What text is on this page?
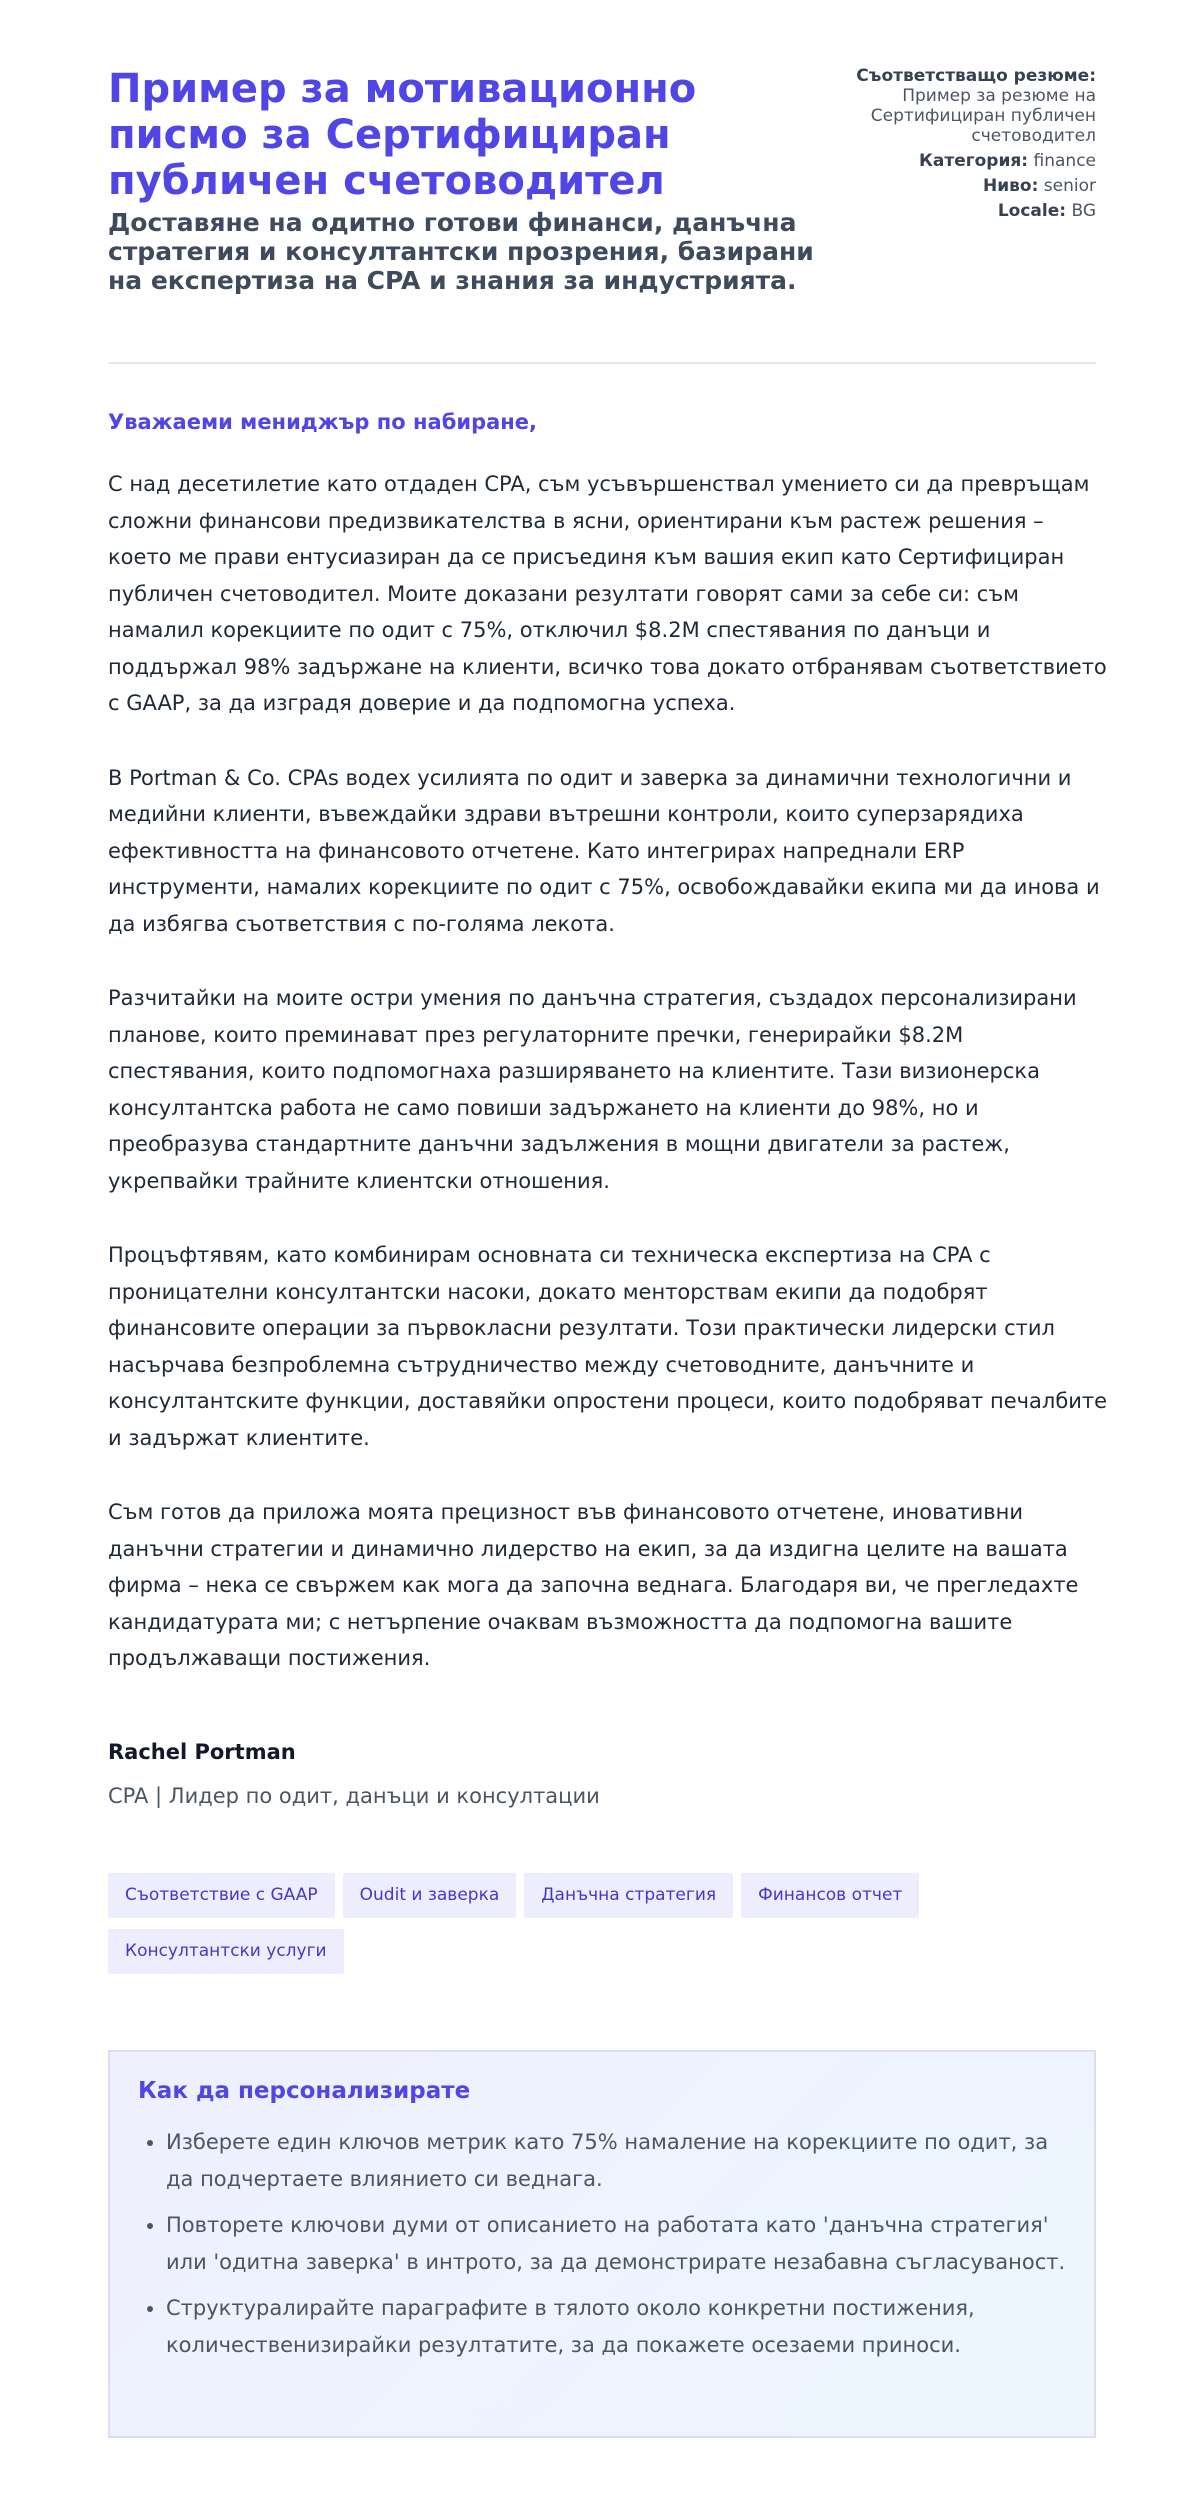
Пример за мотивационно писмо за Сертифициран публичен счетоводител
Доставяне на одитно готови финанси, данъчна стратегия и консултантски прозрения, базирани на експертиза на CPA и знания за индустрията.
Съответстващо резюме: Пример за резюме на Сертифициран публичен счетоводител
Категория: finance
Ниво: senior
Locale: BG
Уважаеми мениджър по набиране,

С над десетилетие като отдаден CPA, съм усъвършенствал умението си да превръщам сложни финансови предизвикателства в ясни, ориентирани към растеж решения – което ме прави ентусиазиран да се присъединя към вашия екип като Сертифициран публичен счетоводител. Моите доказани резултати говорят сами за себе си: съм намалил корекциите по одит с 75%, отключил $8.2M спестявания по данъци и поддържал 98% задържане на клиенти, всичко това докато отбранявам съответствието с GAAP, за да изградя доверие и да подпомогна успеха.

В Portman & Co. CPAs водех усилията по одит и заверка за динамични технологични и медийни клиенти, въвеждайки здрави вътрешни контроли, които суперзарядиха ефективността на финансовото отчетене. Като интегрирах напреднали ERP инструменти, намалих корекциите по одит с 75%, освобождавайки екипа ми да инова и да избягва съответствия с по-голяма лекота.

Разчитайки на моите остри умения по данъчна стратегия, създадох персонализирани планове, които преминават през регулаторните пречки, генерирайки $8.2M спестявания, които подпомогнаха разширяването на клиентите. Тази визионерска консултантска работа не само повиши задържането на клиенти до 98%, но и преобразува стандартните данъчни задължения в мощни двигатели за растеж, укрепвайки трайните клиентски отношения.

Процъфтявям, като комбинирам основната си техническа експертиза на CPA с проницателни консултантски насоки, докато менторствам екипи да подобрят финансовите операции за първокласни резултати. Този практически лидерски стил насърчава безпроблемна сътрудничество между счетоводните, данъчните и консултантските функции, доставяйки опростени процеси, които подобряват печалбите и задържат клиентите.

Съм готов да приложа моята прецизност във финансовото отчетене, иновативни данъчни стратегии и динамично лидерство на екип, за да издигна целите на вашата фирма – нека се свържем как мога да започна веднага. Благодаря ви, че прегледахте кандидатурата ми; с нетърпение очаквам възможността да подпомогна вашите продължаващи постижения.

Rachel Portman
CPA | Лидер по одит, данъци и консултации
Съответствие с GAAP Oudit и заверка Данъчна стратегия Финансов отчетКонсултантски услуги
Как да персонализирате
• Изберете един ключов метрик като 75% намаление на корекциите по одит, за да подчертаете влиянието си веднага.
• Повторете ключови думи от описанието на работата като 'данъчна стратегия' или 'одитна заверка' в интрото, за да демонстрирате незабавна съгласуваност.
• Структуралирайте параграфите в тялото около конкретни постижения, количественизирайки резултатите, за да покажете осезаеми приноси.
